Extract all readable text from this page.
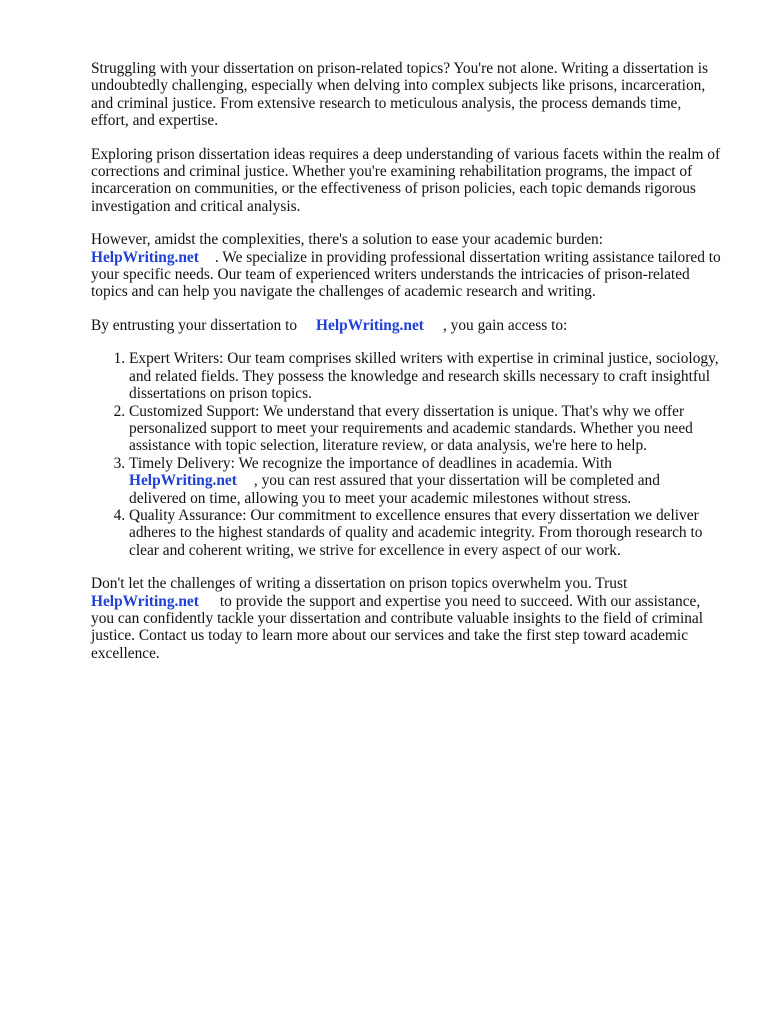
Struggling with your dissertation on prison-related topics? You're not alone. Writing a dissertation is undoubtedly challenging, especially when delving into complex subjects like prisons, incarceration, and criminal justice. From extensive research to meticulous analysis, the process demands time, effort, and expertise.

Exploring prison dissertation ideas requires a deep understanding of various facets within the realm of corrections and criminal justice. Whether you're examining rehabilitation programs, the impact of incarceration on communities, or the effectiveness of prison policies, each topic demands rigorous investigation and critical analysis.

However, amidst the complexities, there's a solution to ease your academic burden:
HelpWriting.net . We specialize in providing professional dissertation writing assistance tailored to your specific needs. Our team of experienced writers understands the intricacies of prison-related topics and can help you navigate the challenges of academic research and writing.

By entrusting your dissertation to HelpWriting.net , you gain access to:

1. Expert Writers: Our team comprises skilled writers with expertise in criminal justice, sociology, and related fields. They possess the knowledge and research skills necessary to craft insightful dissertations on prison topics.
2. Customized Support: We understand that every dissertation is unique. That's why we offer personalized support to meet your requirements and academic standards. Whether you need assistance with topic selection, literature review, or data analysis, we're here to help.
3. Timely Delivery: We recognize the importance of deadlines in academia. With
HelpWriting.net , you can rest assured that your dissertation will be completed and delivered on time, allowing you to meet your academic milestones without stress.
4. Quality Assurance: Our commitment to excellence ensures that every dissertation we deliver adheres to the highest standards of quality and academic integrity. From thorough research to clear and coherent writing, we strive for excellence in every aspect of our work.

Don't let the challenges of writing a dissertation on prison topics overwhelm you. Trust
HelpWriting.net to provide the support and expertise you need to succeed. With our assistance, you can confidently tackle your dissertation and contribute valuable insights to the field of criminal justice. Contact us today to learn more about our services and take the first step toward academic excellence.
